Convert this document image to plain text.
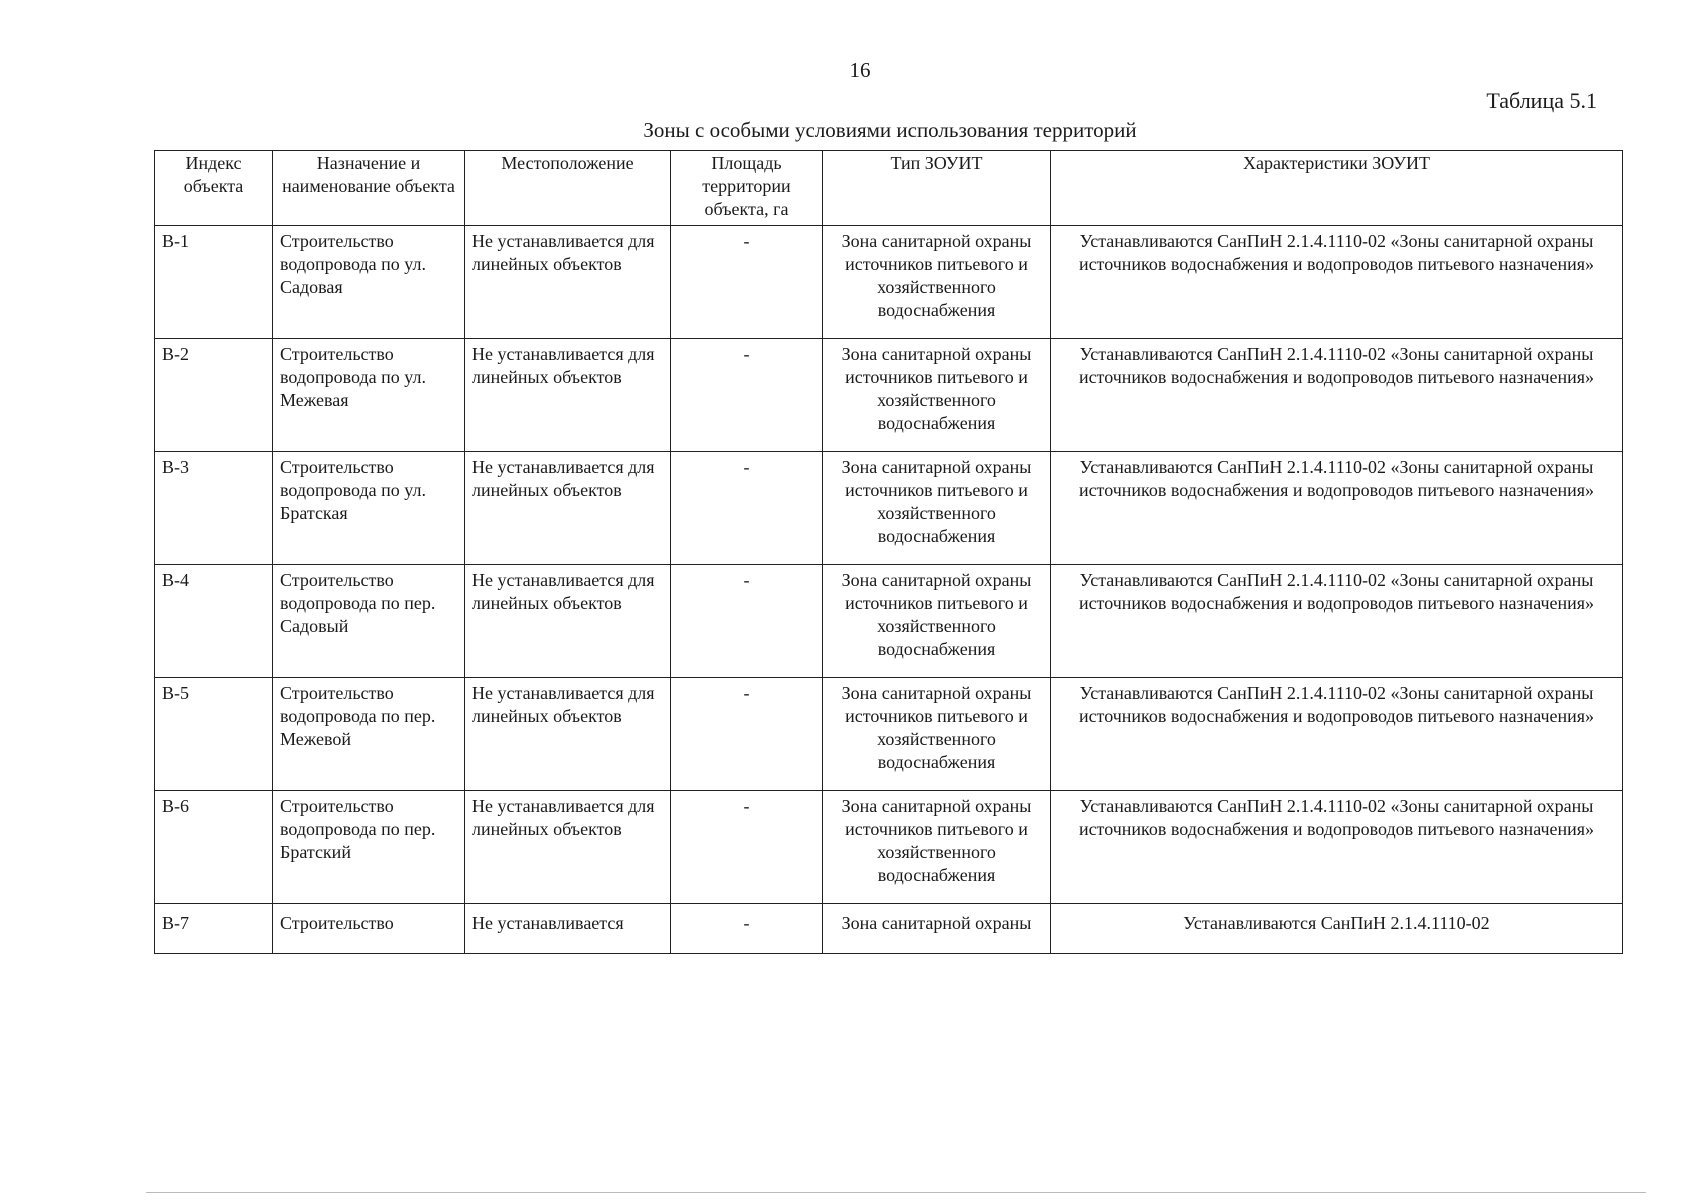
16
Таблица 5.1
Зоны с особыми условиями использования территорий
Индекс объекта	Назначение и наименование объекта	Местоположение	Площадь территории объекта, га	Тип ЗОУИТ	Характеристики ЗОУИТ
В-1	Строительство водопровода по ул. Садовая	Не устанавливается для линейных объектов	-	Зона санитарной охраны источников питьевого и хозяйственного водоснабжения	Устанавливаются СанПиН 2.1.4.1110-02 «Зоны санитарной охраны источников водоснабжения и водопроводов питьевого назначения»
В-2	Строительство водопровода по ул. Межевая	Не устанавливается для линейных объектов	-	Зона санитарной охраны источников питьевого и хозяйственного водоснабжения	Устанавливаются СанПиН 2.1.4.1110-02 «Зоны санитарной охраны источников водоснабжения и водопроводов питьевого назначения»
В-3	Строительство водопровода по ул. Братская	Не устанавливается для линейных объектов	-	Зона санитарной охраны источников питьевого и хозяйственного водоснабжения	Устанавливаются СанПиН 2.1.4.1110-02 «Зоны санитарной охраны источников водоснабжения и водопроводов питьевого назначения»
В-4	Строительство водопровода по пер. Садовый	Не устанавливается для линейных объектов	-	Зона санитарной охраны источников питьевого и хозяйственного водоснабжения	Устанавливаются СанПиН 2.1.4.1110-02 «Зоны санитарной охраны источников водоснабжения и водопроводов питьевого назначения»
В-5	Строительство водопровода по пер. Межевой	Не устанавливается для линейных объектов	-	Зона санитарной охраны источников питьевого и хозяйственного водоснабжения	Устанавливаются СанПиН 2.1.4.1110-02 «Зоны санитарной охраны источников водоснабжения и водопроводов питьевого назначения»
В-6	Строительство водопровода по пер. Братский	Не устанавливается для линейных объектов	-	Зона санитарной охраны источников питьевого и хозяйственного водоснабжения	Устанавливаются СанПиН 2.1.4.1110-02 «Зоны санитарной охраны источников водоснабжения и водопроводов питьевого назначения»
В-7	Строительство	Не устанавливается	-	Зона санитарной охраны	Устанавливаются СанПиН 2.1.4.1110-02
